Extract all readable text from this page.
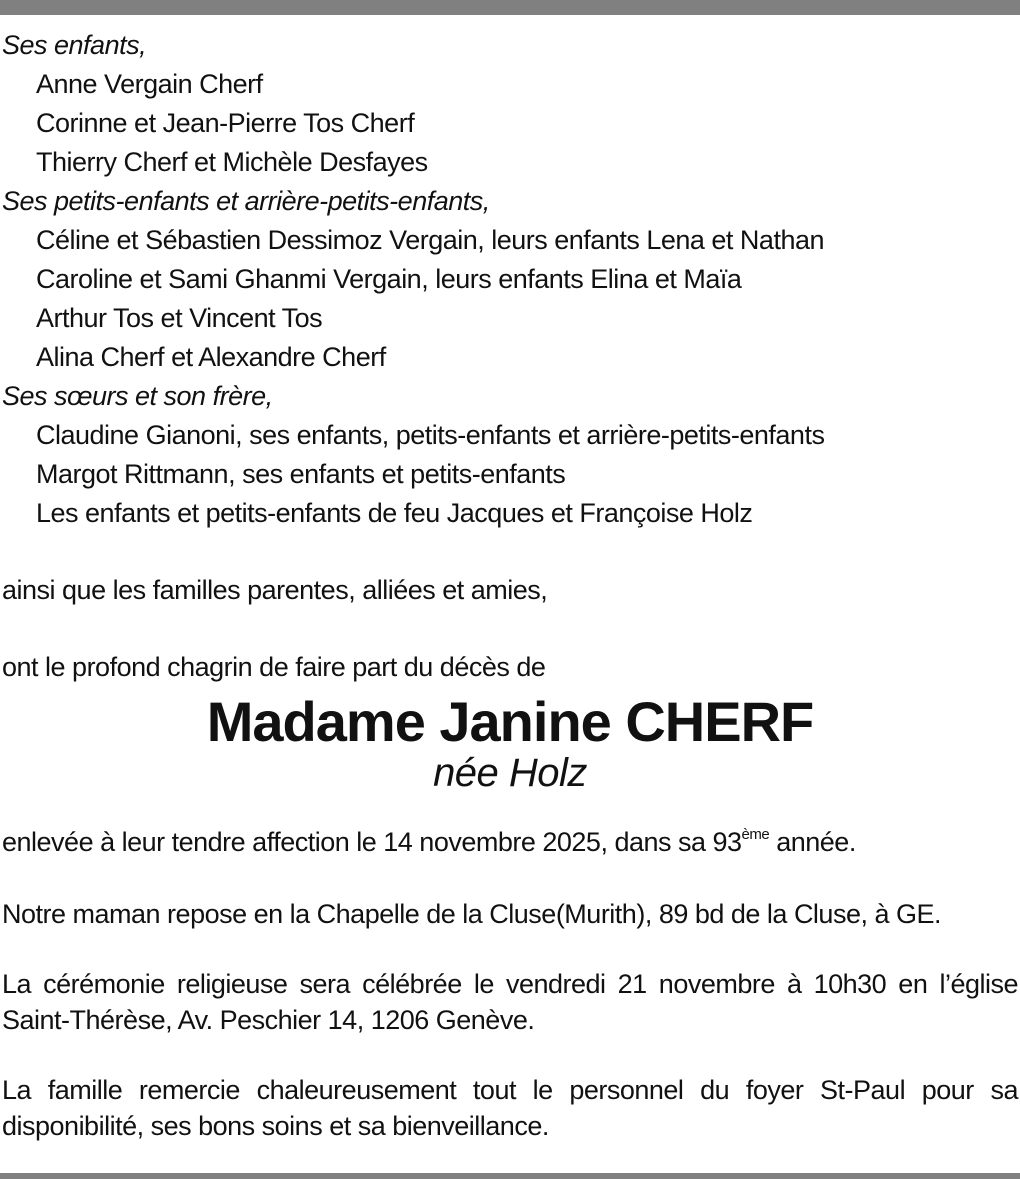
Ses enfants,
Anne Vergain Cherf
Corinne et Jean-Pierre Tos Cherf
Thierry Cherf et Michèle Desfayes
Ses petits-enfants et arrière-petits-enfants,
Céline et Sébastien Dessimoz Vergain, leurs enfants Lena et Nathan
Caroline et Sami Ghanmi Vergain, leurs enfants Elina et Maïa
Arthur Tos et Vincent Tos
Alina Cherf et Alexandre Cherf
Ses sœurs et son frère,
Claudine Gianoni, ses enfants, petits-enfants et arrière-petits-enfants
Margot Rittmann, ses enfants et petits-enfants
Les enfants et petits-enfants de feu Jacques et Françoise Holz
ainsi que les familles parentes, alliées et amies,
ont le profond chagrin de faire part du décès de
Madame Janine CHERF
née Holz
enlevée à leur tendre affection le 14 novembre 2025, dans sa 93ème année.
Notre maman repose en la Chapelle de la Cluse(Murith), 89 bd de la Cluse, à GE.
La cérémonie religieuse sera célébrée le vendredi 21 novembre à 10h30 en l’église Saint-Thérèse, Av. Peschier 14, 1206 Genève.
La famille remercie chaleureusement tout le personnel du foyer St-Paul pour sa disponibilité, ses bons soins et sa bienveillance.
